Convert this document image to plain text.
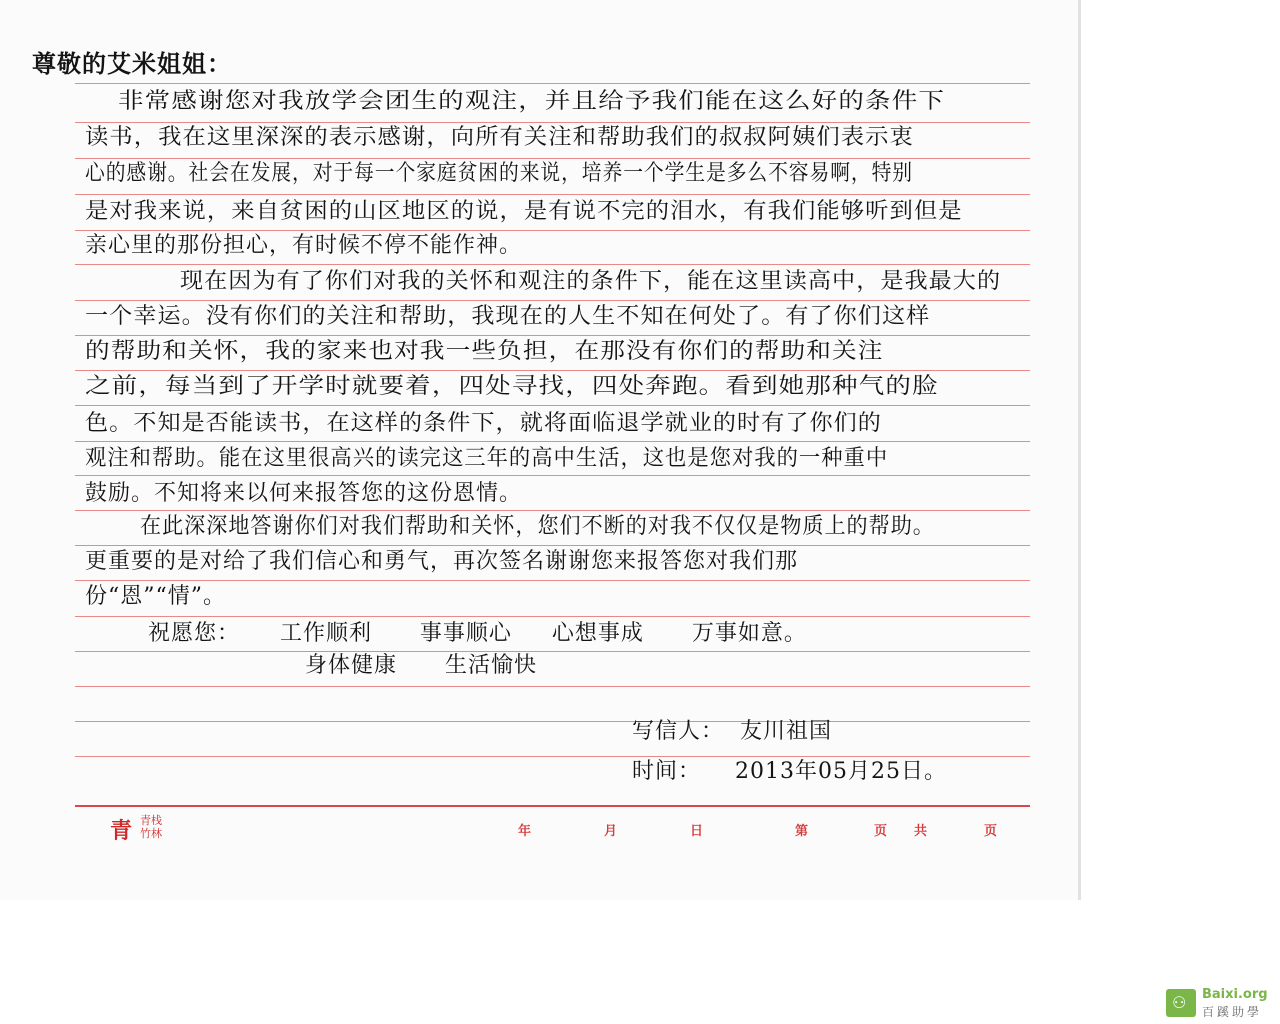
尊敬的艾米姐姐：
非常感谢您对我放学会团生的观注，并且给予我们能在这么好的条件下
读书，我在这里深深的表示感谢，向所有关注和帮助我们的叔叔阿姨们表示衷
心的感谢。社会在发展，对于每一个家庭贫困的来说，培养一个学生是多么不容易啊，特别
是对我来说，来自贫困的山区地区的说，是有说不完的泪水，有我们能够听到但是
亲心里的那份担心，有时候不停不能作神。
现在因为有了你们对我的关怀和观注的条件下，能在这里读高中，是我最大的
一个幸运。没有你们的关注和帮助，我现在的人生不知在何处了。有了你们这样
的帮助和关怀，我的家来也对我一些负担，在那没有你们的帮助和关注
之前，每当到了开学时就要着，四处寻找，四处奔跑。看到她那种气的脸
色。不知是否能读书，在这样的条件下，就将面临退学就业的时有了你们的
观注和帮助。能在这里很高兴的读完这三年的高中生活，这也是您对我的一种重中
鼓励。不知将来以何来报答您的这份恩情。
在此深深地答谢你们对我们帮助和关怀，您们不断的对我不仅仅是物质上的帮助。
更重要的是对给了我们信心和勇气，再次签名谢谢您来报答您对我们那
份“恩”“情”。
祝愿您：     工作顺利      事事顺心     心想事成      万事如意。
身体健康      生活愉快
写信人： 友川祖国
时间： 2013年05月25日。
青 青栈
竹林	年	月	日	第	页 共	页
⚇ Baixi.org
百蹊助學
